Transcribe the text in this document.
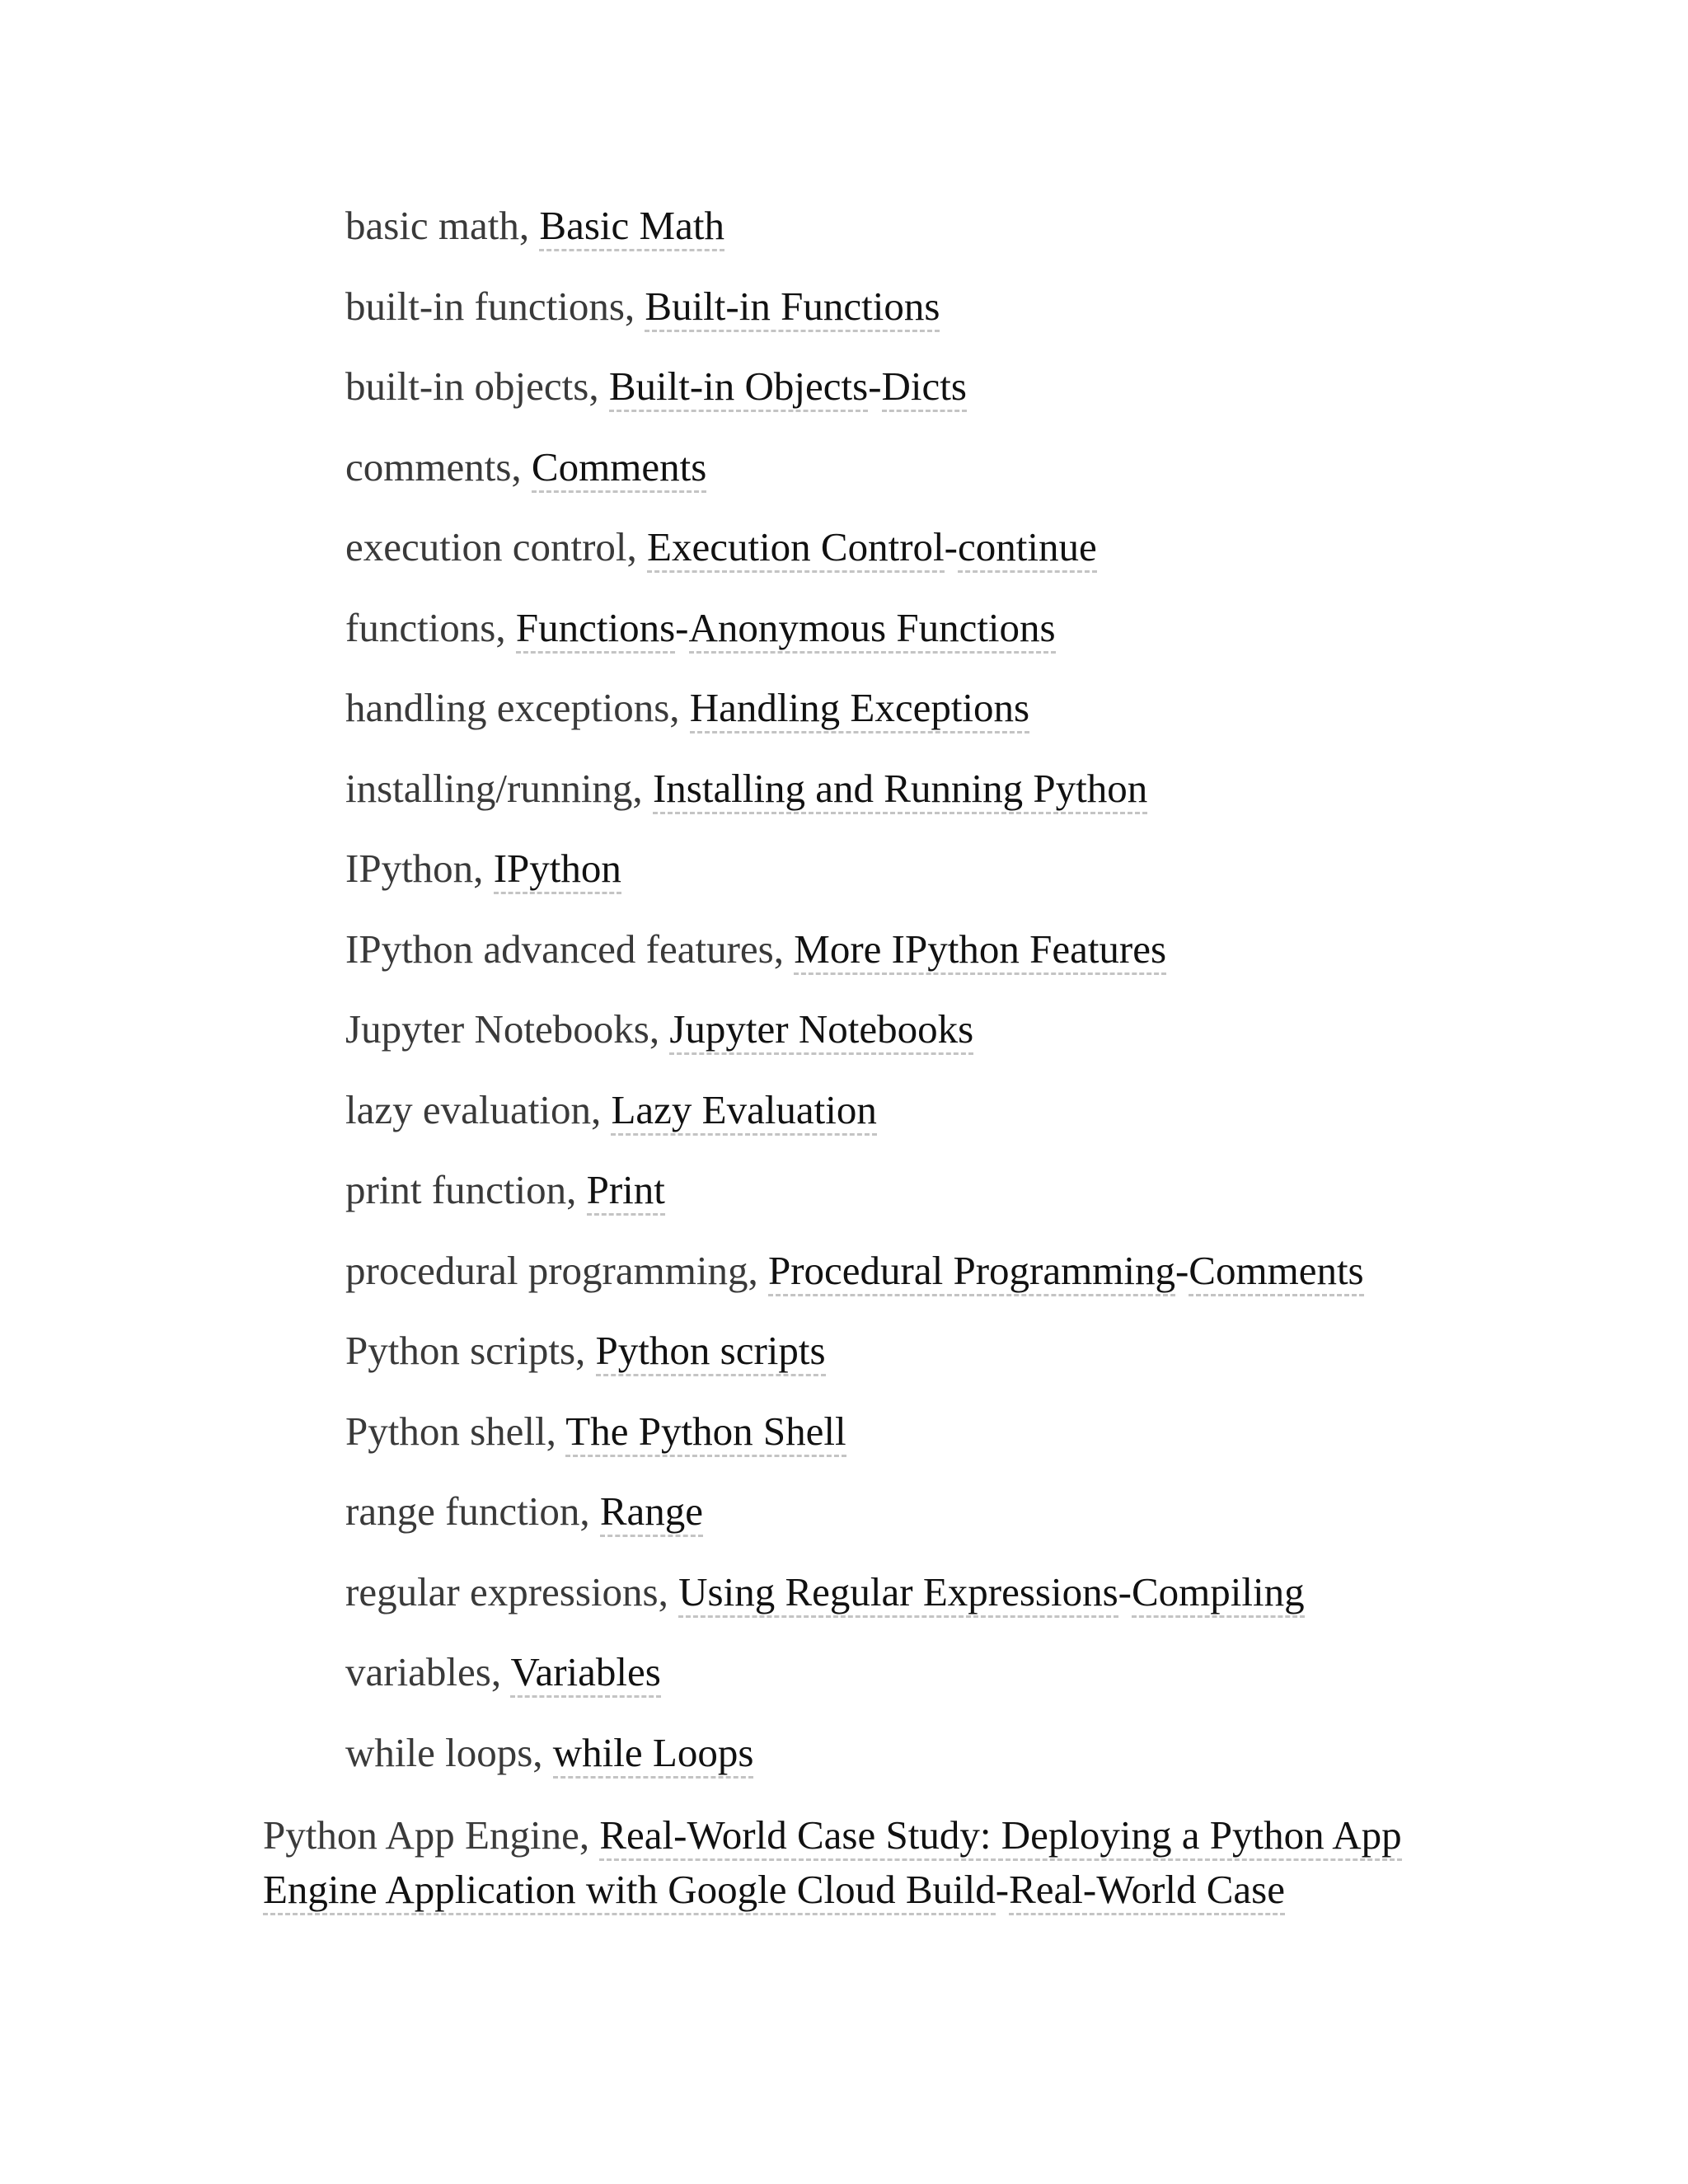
basic math, Basic Math
built-in functions, Built-in Functions
built-in objects, Built-in Objects-Dicts
comments, Comments
execution control, Execution Control-continue
functions, Functions-Anonymous Functions
handling exceptions, Handling Exceptions
installing/running, Installing and Running Python
IPython, IPython
IPython advanced features, More IPython Features
Jupyter Notebooks, Jupyter Notebooks
lazy evaluation, Lazy Evaluation
print function, Print
procedural programming, Procedural Programming-Comments
Python scripts, Python scripts
Python shell, The Python Shell
range function, Range
regular expressions, Using Regular Expressions-Compiling
variables, Variables
while loops, while Loops

Python App Engine, Real-World Case Study: Deploying a Python App Engine Application with Google Cloud Build-Real-World Case
